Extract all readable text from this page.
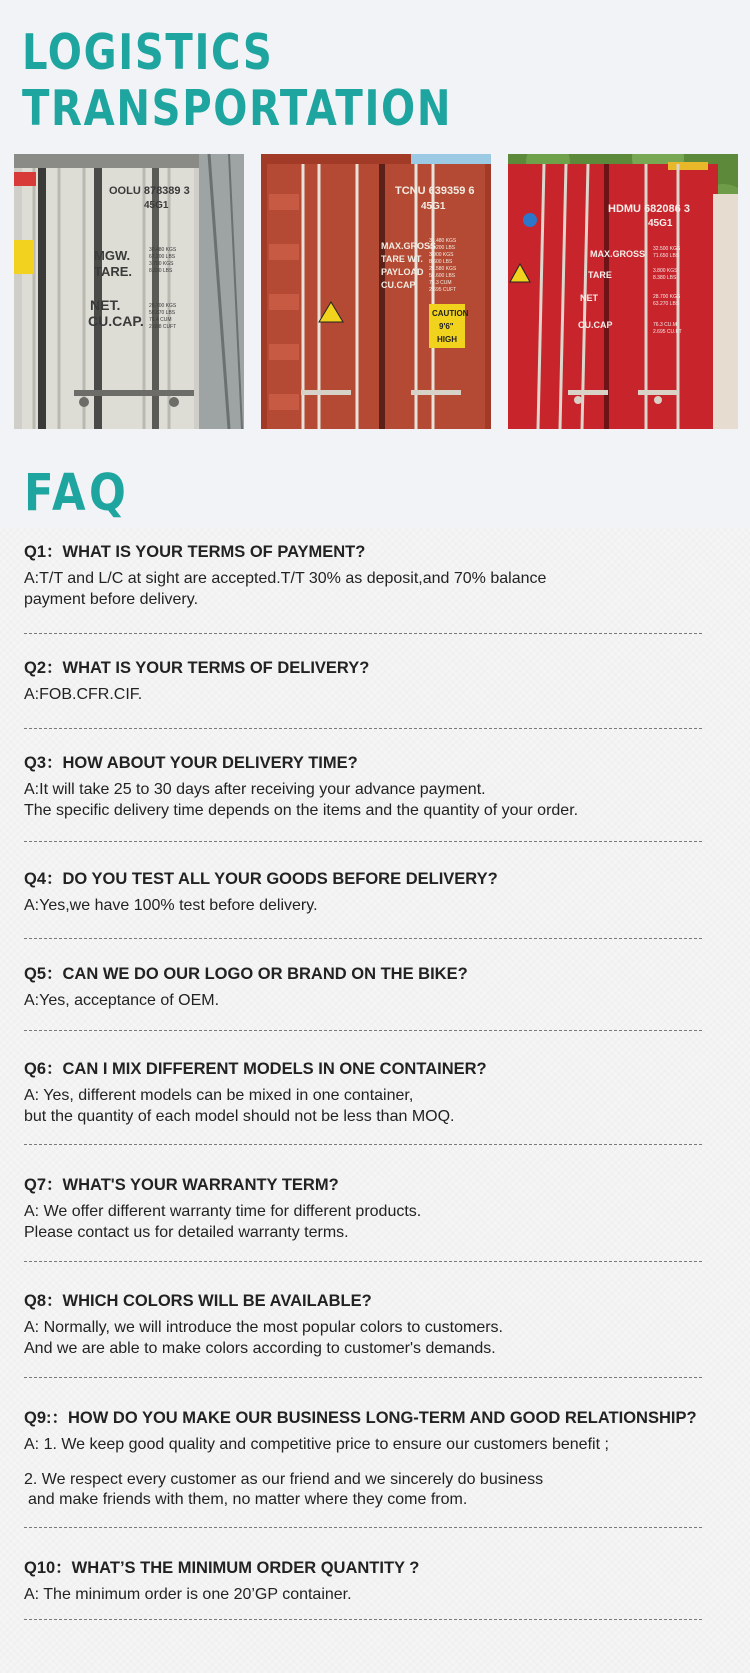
LOGISTICS
TRANSPORTATION
OOLU 878389 3
45G1
MGW.
TARE.
NET.
CU.CAP.
30.480 KGS
67.200 LBS
3.780 KGS
8.330 LBS
26.700 KGS
58.870 LBS
76.4 CUM
2.698 CUFT
TCNU 639359 6
45G1
MAX.GROSS
TARE WT.
PAYLOAD
CU.CAP.
30.480 KGS
67.200 LBS
3.900 KGS
8.600 LBS
26.580 KGS
58.600 LBS
76.3 CUM
2.695 CUFT
CAUTION
9'6"
HIGH
HDMU 682086 3
45G1
MAX.GROSS
TARE
NET
CU.CAP
32.500 KGS
71.650 LBS
3.800 KGS
8.380 LBS
28.700 KGS
63.270 LBS
76.3 CU.M
2.695 CU.FT
FAQ

Q1：WHAT IS YOUR TERMS OF PAYMENT?

A:T/T and L/C at sight are accepted.T/T 30% as deposit,and 70% balance

payment before delivery.

Q2：WHAT IS YOUR TERMS OF DELIVERY?

A:FOB.CFR.CIF.

Q3：HOW ABOUT YOUR DELIVERY TIME?

A:It will take 25 to 30 days after receiving your advance payment.

The specific delivery time depends on the items and the quantity of your order.

Q4：DO YOU TEST ALL YOUR GOODS BEFORE DELIVERY?

A:Yes,we have 100% test before delivery.

Q5：CAN WE DO OUR LOGO OR BRAND ON THE BIKE?

A:Yes, acceptance of OEM.

Q6：CAN I MIX DIFFERENT MODELS IN ONE CONTAINER?

A: Yes, different models can be mixed in one container,

but the quantity of each model should not be less than MOQ.

Q7：WHAT'S YOUR WARRANTY TERM?

A: We offer different warranty time for different products.

Please contact us for detailed warranty terms.

Q8：WHICH COLORS WILL BE AVAILABLE?

A: Normally, we will introduce the most popular colors to customers.

And we are able to make colors according to customer's demands.

Q9:：HOW DO YOU MAKE OUR BUSINESS LONG-TERM AND GOOD RELATIONSHIP?

A: 1. We keep good quality and competitive price to ensure our customers benefit ;

2. We respect every customer as our friend and we sincerely do business

and make friends with them, no matter where they come from.

Q10：WHAT’S THE MINIMUM ORDER QUANTITY ?

A: The minimum order is one 20’GP container.
